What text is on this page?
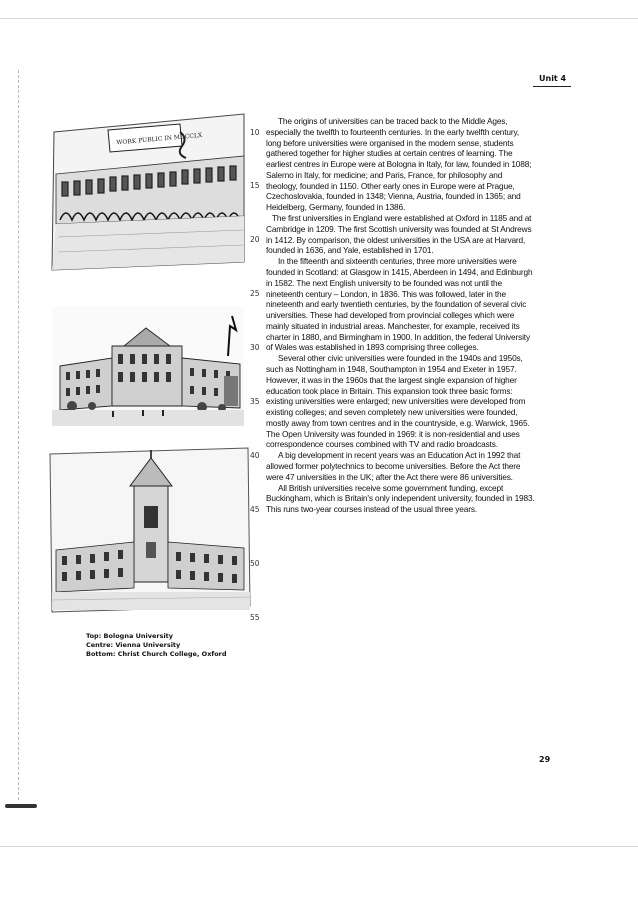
Unit 4
WORK PUBLIC IN MDCCLX
Top: Bologna University
Centre: Vienna University
Bottom: Christ Church College, Oxford
10
15
20
25
30
35
40
45
50
55

The origins of universities can be traced back to the Middle Ages, especially the twelfth to fourteenth centuries. In the early twelfth century, long before universities were organised in the modern sense, students gathered together for higher studies at certain centres of learning. The earliest centres in Europe were at Bologna in Italy, for law, founded in 1088; Salerno in Italy, for medicine; and Paris, France, for philosophy and theology, founded in 1150. Other early ones in Europe were at Prague, Czechoslovakia, founded in 1348; Vienna, Austria, founded in 1365; and Heidelberg, Germany, founded in 1386.

The first universities in England were established at Oxford in 1185 and at Cambridge in 1209. The first Scottish university was founded at St Andrews in 1412. By comparison, the oldest universities in the USA are at Harvard, founded in 1636, and Yale, established in 1701.

In the fifteenth and sixteenth centuries, three more universities were founded in Scotland: at Glasgow in 1415, Aberdeen in 1494, and Edinburgh in 1582. The next English university to be founded was not until the nineteenth century – London, in 1836. This was followed, later in the nineteenth and early twentieth centuries, by the foundation of several civic universities. These had developed from provincial colleges which were mainly situated in industrial areas. Manchester, for example, received its charter in 1880, and Birmingham in 1900. In addition, the federal University of Wales was established in 1893 comprising three colleges.

Several other civic universities were founded in the 1940s and 1950s, such as Nottingham in 1948, Southampton in 1954 and Exeter in 1957. However, it was in the 1960s that the largest single expansion of higher education took place in Britain. This expansion took three basic forms: existing universities were enlarged; new universities were developed from existing colleges; and seven completely new universities were founded, mostly away from town centres and in the countryside, e.g. Warwick, 1965. The Open University was founded in 1969: it is non-residential and uses correspondence courses combined with TV and radio broadcasts.

A big development in recent years was an Education Act in 1992 that allowed former polytechnics to become universities. Before the Act there were 47 universities in the UK; after the Act there were 86 universities.

All British universities receive some government funding, except Buckingham, which is Britain's only independent university, founded in 1983. This runs two-year courses instead of the usual three years.

29
